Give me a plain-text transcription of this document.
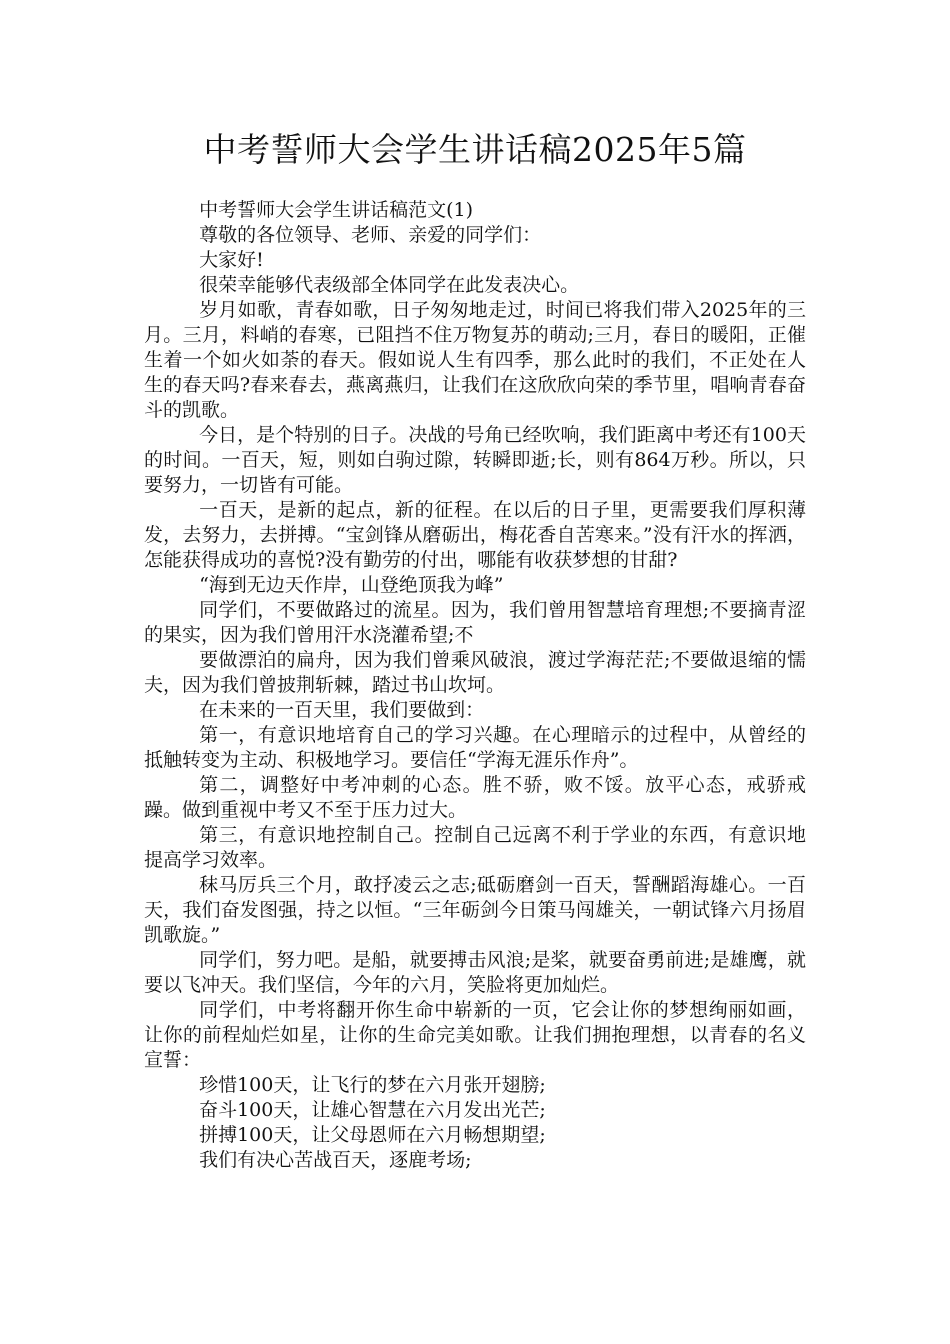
中考誓师大会学生讲话稿2025年5篇

中考誓师大会学生讲话稿范文(1)

尊敬的各位领导、老师、亲爱的同学们：

大家好!

很荣幸能够代表级部全体同学在此发表决心。

岁月如歌，青春如歌，日子匆匆地走过，时间已将我们带入2025年的三月。三月，料峭的春寒，已阻挡不住万物复苏的萌动;三月，春日的暖阳，正催生着一个如火如荼的春天。假如说人生有四季，那么此时的我们，不正处在人生的春天吗?春来春去，燕离燕归，让我们在这欣欣向荣的季节里，唱响青春奋斗的凯歌。

今日，是个特别的日子。决战的号角已经吹响，我们距离中考还有100天的时间。一百天，短，则如白驹过隙，转瞬即逝;长，则有864万秒。所以，只要努力，一切皆有可能。

一百天，是新的起点，新的征程。在以后的日子里，更需要我们厚积薄发，去努力，去拼搏。“宝剑锋从磨砺出，梅花香自苦寒来。”没有汗水的挥洒，怎能获得成功的喜悦?没有勤劳的付出，哪能有收获梦想的甘甜?

“海到无边天作岸，山登绝顶我为峰”

同学们，不要做路过的流星。因为，我们曾用智慧培育理想;不要摘青涩的果实，因为我们曾用汗水浇灌希望;不

要做漂泊的扁舟，因为我们曾乘风破浪，渡过学海茫茫;不要做退缩的懦夫，因为我们曾披荆斩棘，踏过书山坎坷。

在未来的一百天里，我们要做到：

第一，有意识地培育自己的学习兴趣。在心理暗示的过程中，从曾经的抵触转变为主动、积极地学习。要信任“学海无涯乐作舟”。

第二，调整好中考冲刺的心态。胜不骄，败不馁。放平心态，戒骄戒躁。做到重视中考又不至于压力过大。

第三，有意识地控制自己。控制自己远离不利于学业的东西，有意识地提高学习效率。

秣马厉兵三个月，敢抒凌云之志;砥砺磨剑一百天，誓酬蹈海雄心。一百天，我们奋发图强，持之以恒。“三年砺剑今日策马闯雄关，一朝试锋六月扬眉凯歌旋。”

同学们，努力吧。是船，就要搏击风浪;是桨，就要奋勇前进;是雄鹰，就要以飞冲天。我们坚信，今年的六月，笑脸将更加灿烂。

同学们，中考将翻开你生命中崭新的一页，它会让你的梦想绚丽如画，让你的前程灿烂如星，让你的生命完美如歌。让我们拥抱理想，以青春的名义宣誓：

珍惜100天，让飞行的梦在六月张开翅膀;

奋斗100天，让雄心智慧在六月发出光芒;

拼搏100天，让父母恩师在六月畅想期望;

我们有决心苦战百天，逐鹿考场;
